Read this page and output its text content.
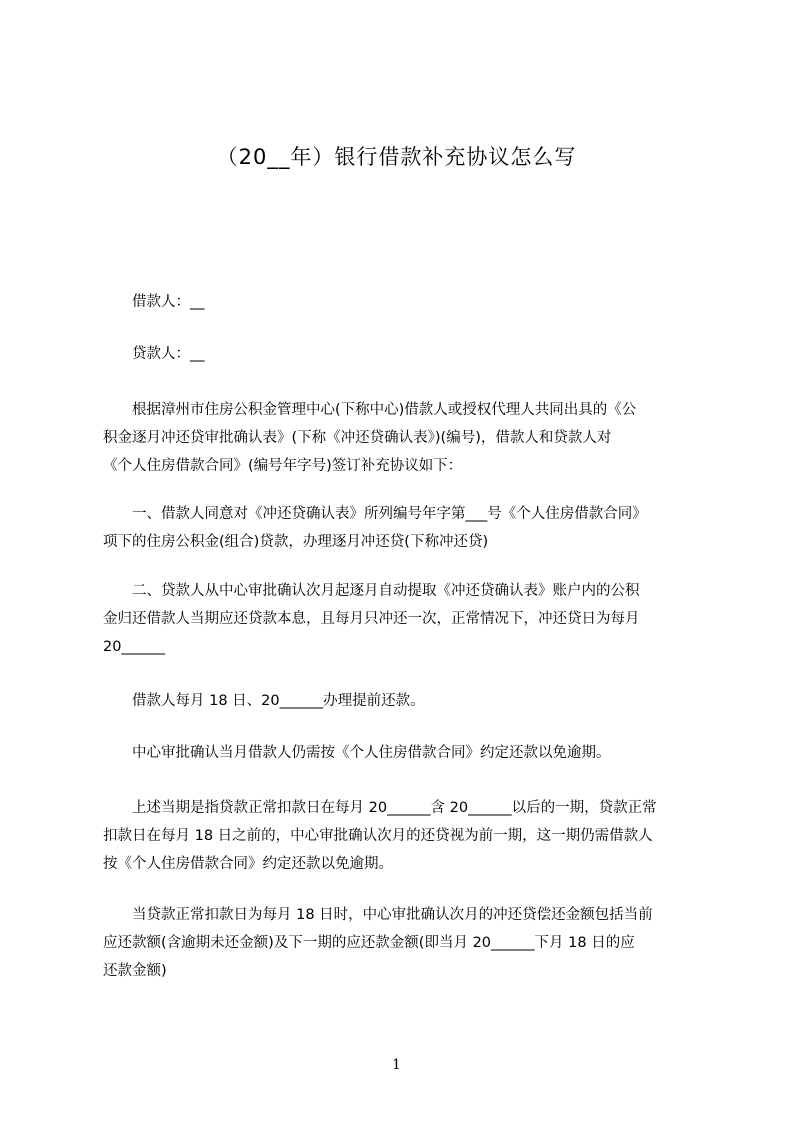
（20__年）银行借款补充协议怎么写
　　借款人：__
　　贷款人：__
　　根据漳州市住房公积金管理中心(下称中心)借款人或授权代理人共同出具的《公
积金逐月冲还贷审批确认表》(下称《冲还贷确认表》)(编号)，借款人和贷款人对
《个人住房借款合同》(编号年字号)签订补充协议如下：
　　一、借款人同意对《冲还贷确认表》所列编号年字第___号《个人住房借款合同》
项下的住房公积金(组合)贷款，办理逐月冲还贷(下称冲还贷)
　　二、贷款人从中心审批确认次月起逐月自动提取《冲还贷确认表》账户内的公积
金归还借款人当期应还贷款本息，且每月只冲还一次，正常情况下，冲还贷日为每月
20______
　　借款人每月 18 日、20______办理提前还款。
　　中心审批确认当月借款人仍需按《个人住房借款合同》约定还款以免逾期。
　　上述当期是指贷款正常扣款日在每月 20______含 20______以后的一期，贷款正常
扣款日在每月 18 日之前的，中心审批确认次月的还贷视为前一期，这一期仍需借款人
按《个人住房借款合同》约定还款以免逾期。
　　当贷款正常扣款日为每月 18 日时，中心审批确认次月的冲还贷偿还金额包括当前
应还款额(含逾期未还金额)及下一期的应还款金额(即当月 20______下月 18 日的应
还款金额)
1
